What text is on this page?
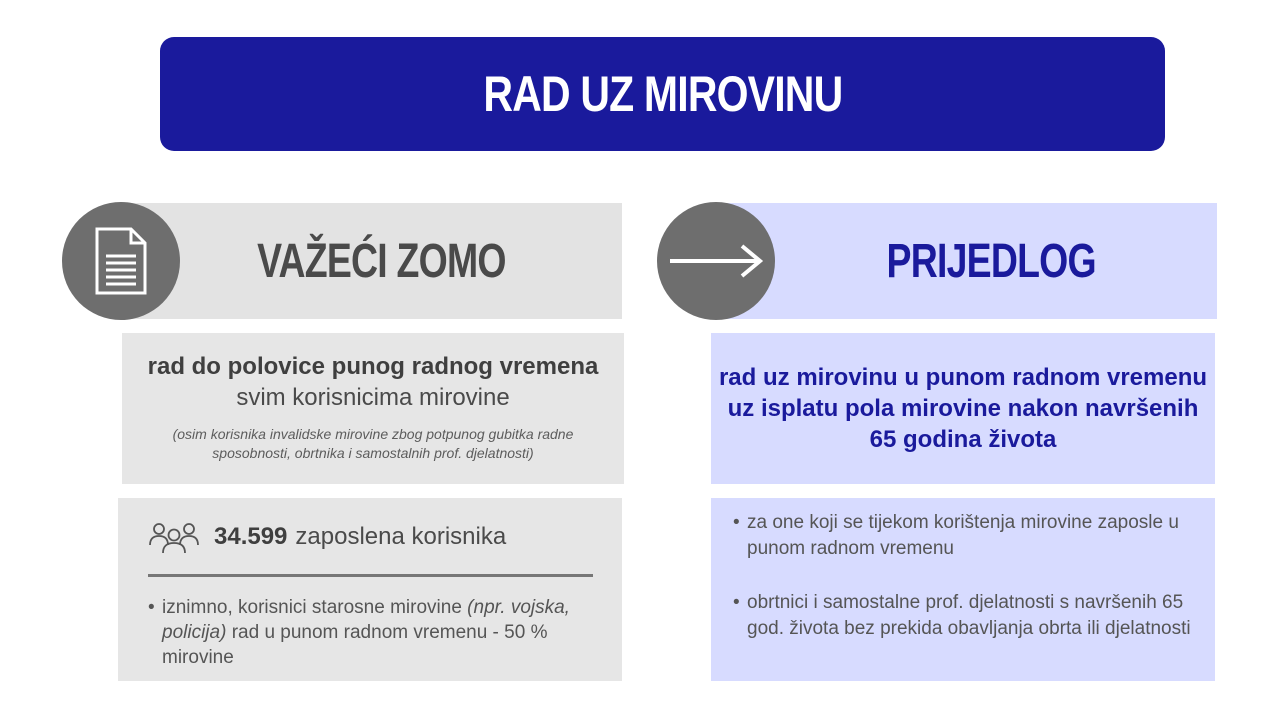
RAD UZ MIROVINU
VAŽEĆI ZOMO	PRIJEDLOG
rad do polovice punog radnog vremena svim korisnicima mirovine
(osim korisnika invalidske mirovine zbog potpunog gubitka radne sposobnosti, obrtnika i samostalnih prof. djelatnosti)
rad uz mirovinu u punom radnom vremenu uz isplatu pola mirovine nakon navršenih 65 godina života
34.599 zaposlena korisnika
• iznimno, korisnici starosne mirovine (npr. vojska, policija) rad u punom radnom vremenu - 50 % mirovine
• za one koji se tijekom korištenja mirovine zaposle u punom radnom vremenu
• obrtnici i samostalne prof. djelatnosti s navršenih 65 god. života bez prekida obavljanja obrta ili djelatnosti
